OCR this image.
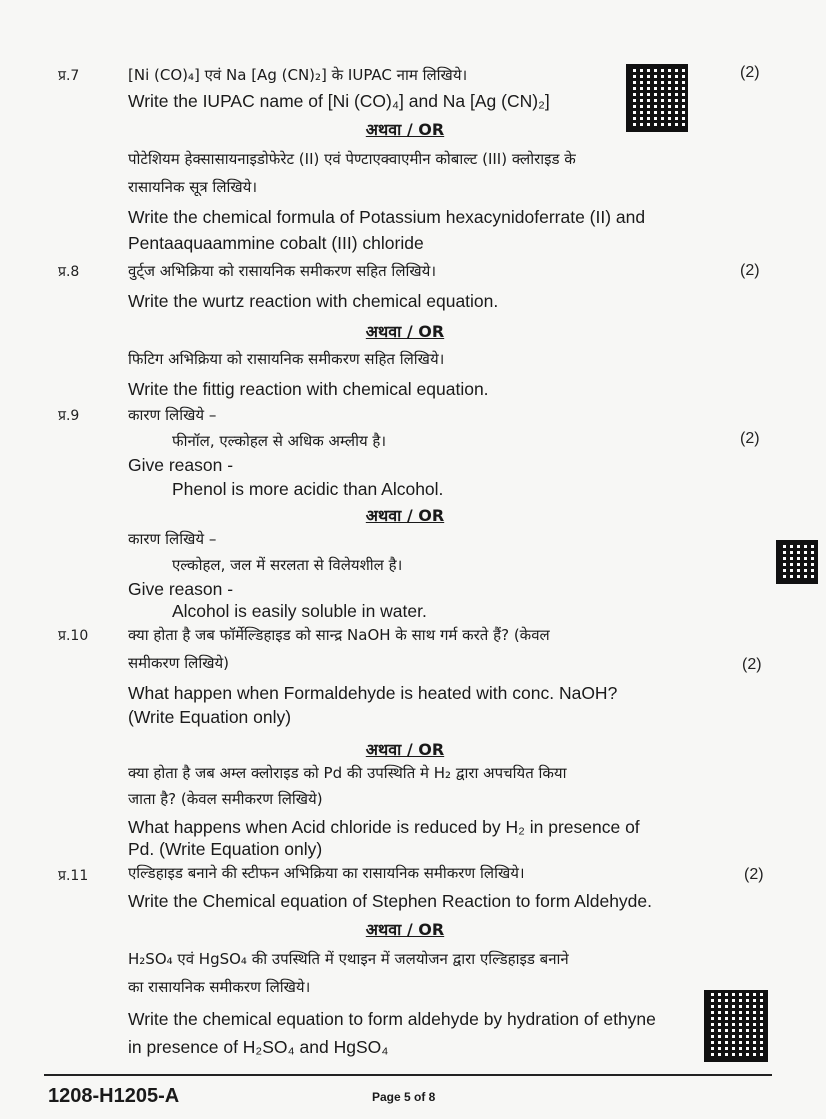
प्र.7	[Ni (CO)₄] एवं Na [Ag (CN)₂] के IUPAC नाम लिखिये।
Write the IUPAC name of [Ni (CO)₄] and Na [Ag (CN)₂]
(2)
अथवा / OR
पोटेशियम हेक्सासायनाइडोफेरेट (II) एवं पेण्टाएक्वाएमीन कोबाल्ट (III) क्लोराइड के
रासायनिक सूत्र लिखिये।
Write the chemical formula of Potassium hexacynidoferrate (II) and
Pentaaquaammine cobalt (III) chloride
प्र.8	वुर्ट्ज अभिक्रिया को रासायनिक समीकरण सहित लिखिये।	(2)
Write the wurtz reaction with chemical equation.
अथवा / OR
फिटिग अभिक्रिया को रासायनिक समीकरण सहित लिखिये।
Write the fittig reaction with chemical equation.
प्र.9	कारण लिखिये –
फीनॉल, एल्कोहल से अधिक अम्लीय है।	(2)
Give reason -
Phenol is more acidic than Alcohol.
अथवा / OR
कारण लिखिये –
एल्कोहल, जल में सरलता से विलेयशील है।
Give reason -
Alcohol is easily soluble in water.
प्र.10	क्या होता है जब फॉर्मेल्डिहाइड को सान्द्र NaOH के साथ गर्म करते हैं? (केवल
समीकरण लिखिये)	(2)
What happen when Formaldehyde is heated with conc. NaOH?
(Write Equation only)
अथवा / OR
क्या होता है जब अम्ल क्लोराइड को Pd की उपस्थिति मे H₂ द्वारा अपचयित किया
जाता है? (केवल समीकरण लिखिये)
What happens when Acid chloride is reduced by H₂ in presence of
Pd. (Write Equation only)
प्र.11	एल्डिहाइड बनाने की स्टीफन अभिक्रिया का रासायनिक समीकरण लिखिये।	(2)
Write the Chemical equation of Stephen Reaction to form Aldehyde.
अथवा / OR
H₂SO₄ एवं HgSO₄ की उपस्थिति में एथाइन में जलयोजन द्वारा एल्डिहाइड बनाने
का रासायनिक समीकरण लिखिये।
Write the chemical equation to form aldehyde by hydration of ethyne
in presence of H₂SO₄ and HgSO₄
1208-H1205-A	Page 5 of 8
